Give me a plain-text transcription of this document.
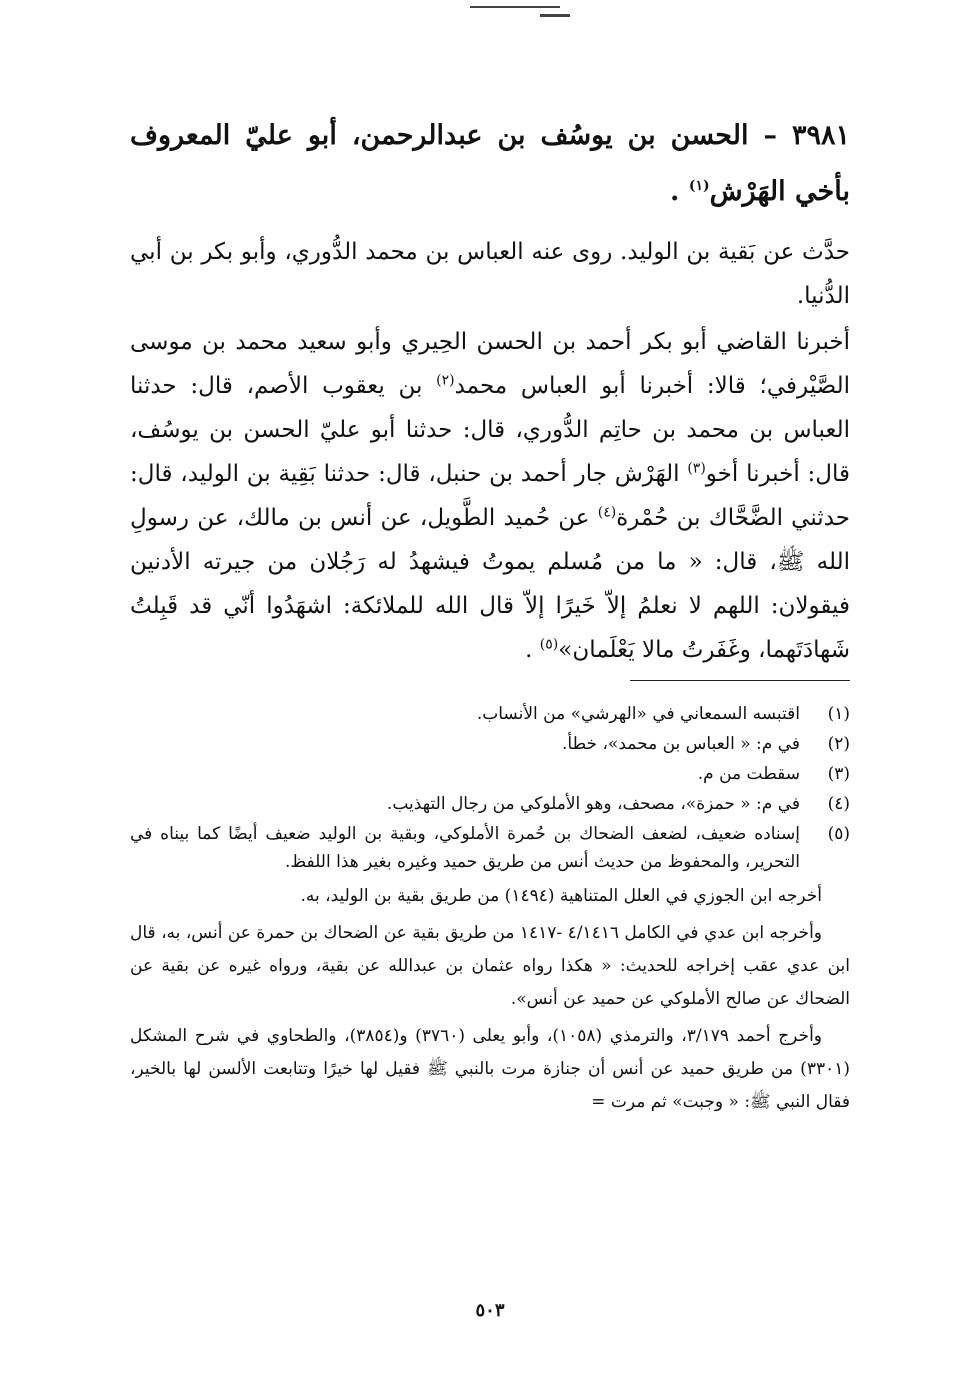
٣٩٨١ – الحسن بن يوسُف بن عبدالرحمن، أبو عليّ المعروف بأخي الهَرْش$^{(١)}$ .

حدَّث عن بَقية بن الوليد. روى عنه العباس بن محمد الدُّوري، وأبو بكر بن أبي الدُّنيا.

أخبرنا القاضي أبو بكر أحمد بن الحسن الحِيري وأبو سعيد محمد بن موسى الصَّيْرفي؛ قالا: أخبرنا أبو العباس محمد$^{(٢)}$ بن يعقوب الأصم، قال: حدثنا العباس بن محمد بن حاتِم الدُّوري، قال: حدثنا أبو عليّ الحسن بن يوسُف، قال: أخبرنا أخو$^{(٣)}$ الهَرْش جار أحمد بن حنبل، قال: حدثنا بَقِية بن الوليد، قال: حدثني الضَّحَّاك بن حُمْرة$^{(٤)}$ عن حُميد الطَّويل، عن أنس بن مالك، عن رسولِ الله ﷺ، قال: « ما من مُسلم يموتُ فيشهدُ له رَجُلان من جيرته الأدنين فيقولان: اللهم لا نعلمُ إلاّ خَيرًا إلاّ قال الله للملائكة: اشهَدُوا أنّي قد قَبِلتُ شَهادَتَهما، وغَفَرتُ مالا يَعْلَمان»$^{(٥)}$ .

(١)
اقتبسه السمعاني في «الهرشي» من الأنساب.
(٢)
في م: « العباس بن محمد»، خطأ.
(٣)
سقطت من م.
(٤)
في م: « حمزة»، مصحف، وهو الأملوكي من رجال التهذيب.
(٥)
إسناده ضعيف، لضعف الضحاك بن حُمرة الأملوكي، وبقية بن الوليد ضعيف أيضًا كما بيناه في التحرير، والمحفوظ من حديث أنس من طريق حميد وغيره بغير هذا اللفظ.

أخرجه ابن الجوزي في العلل المتناهية (١٤٩٤) من طريق بقية بن الوليد، به.

وأخرجه ابن عدي في الكامل ٤/١٤١٦ -١٤١٧ من طريق بقية عن الضحاك بن حمرة عن أنس، به، قال ابن عدي عقب إخراجه للحديث: « هكذا رواه عثمان بن عبدالله عن بقية، ورواه غيره عن بقية عن الضحاك عن صالح الأملوكي عن حميد عن أنس».

وأخرج أحمد ٣/١٧٩، والترمذي (١٠٥٨)، وأبو يعلى (٣٧٦٠) و(٣٨٥٤)، والطحاوي في شرح المشكل (٣٣٠١) من طريق حميد عن أنس أن جنازة مرت بالنبي ﷺ فقيل لها خيرًا وتتابعت الألسن لها بالخير، فقال النبي ﷺ: « وجبت» ثم مرت =

٥٠٣
